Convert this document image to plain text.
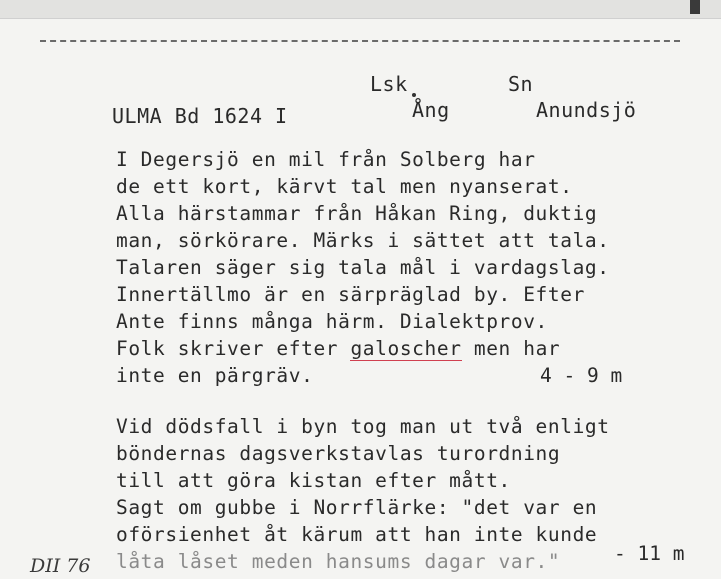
Lsk	Sn
ULMA Bd 1624 I	Ång	Anundsjö
I Degersjö en mil från Solberg har
de ett kort, kärvt tal men nyanserat.
Alla härstammar från Håkan Ring, duktig
man, sörkörare. Märks i sättet att tala.
Talaren säger sig tala mål i vardagslag.
Innertällmo är en särpräglad by. Efter
Ante finns många härm. Dialektprov.
Folk skriver efter galoscher men har
inte en pärgräv.	4 - 9 m
Vid dödsfall i byn tog man ut två enligt
böndernas dagsverkstavlas turordning
till att göra kistan efter mått.
Sagt om gubbe i Norrflärke: "det var en
oförsienhet åt kärum att han inte kunde
låta låset meden hansums dagar var."	- 11 m
DII 76
